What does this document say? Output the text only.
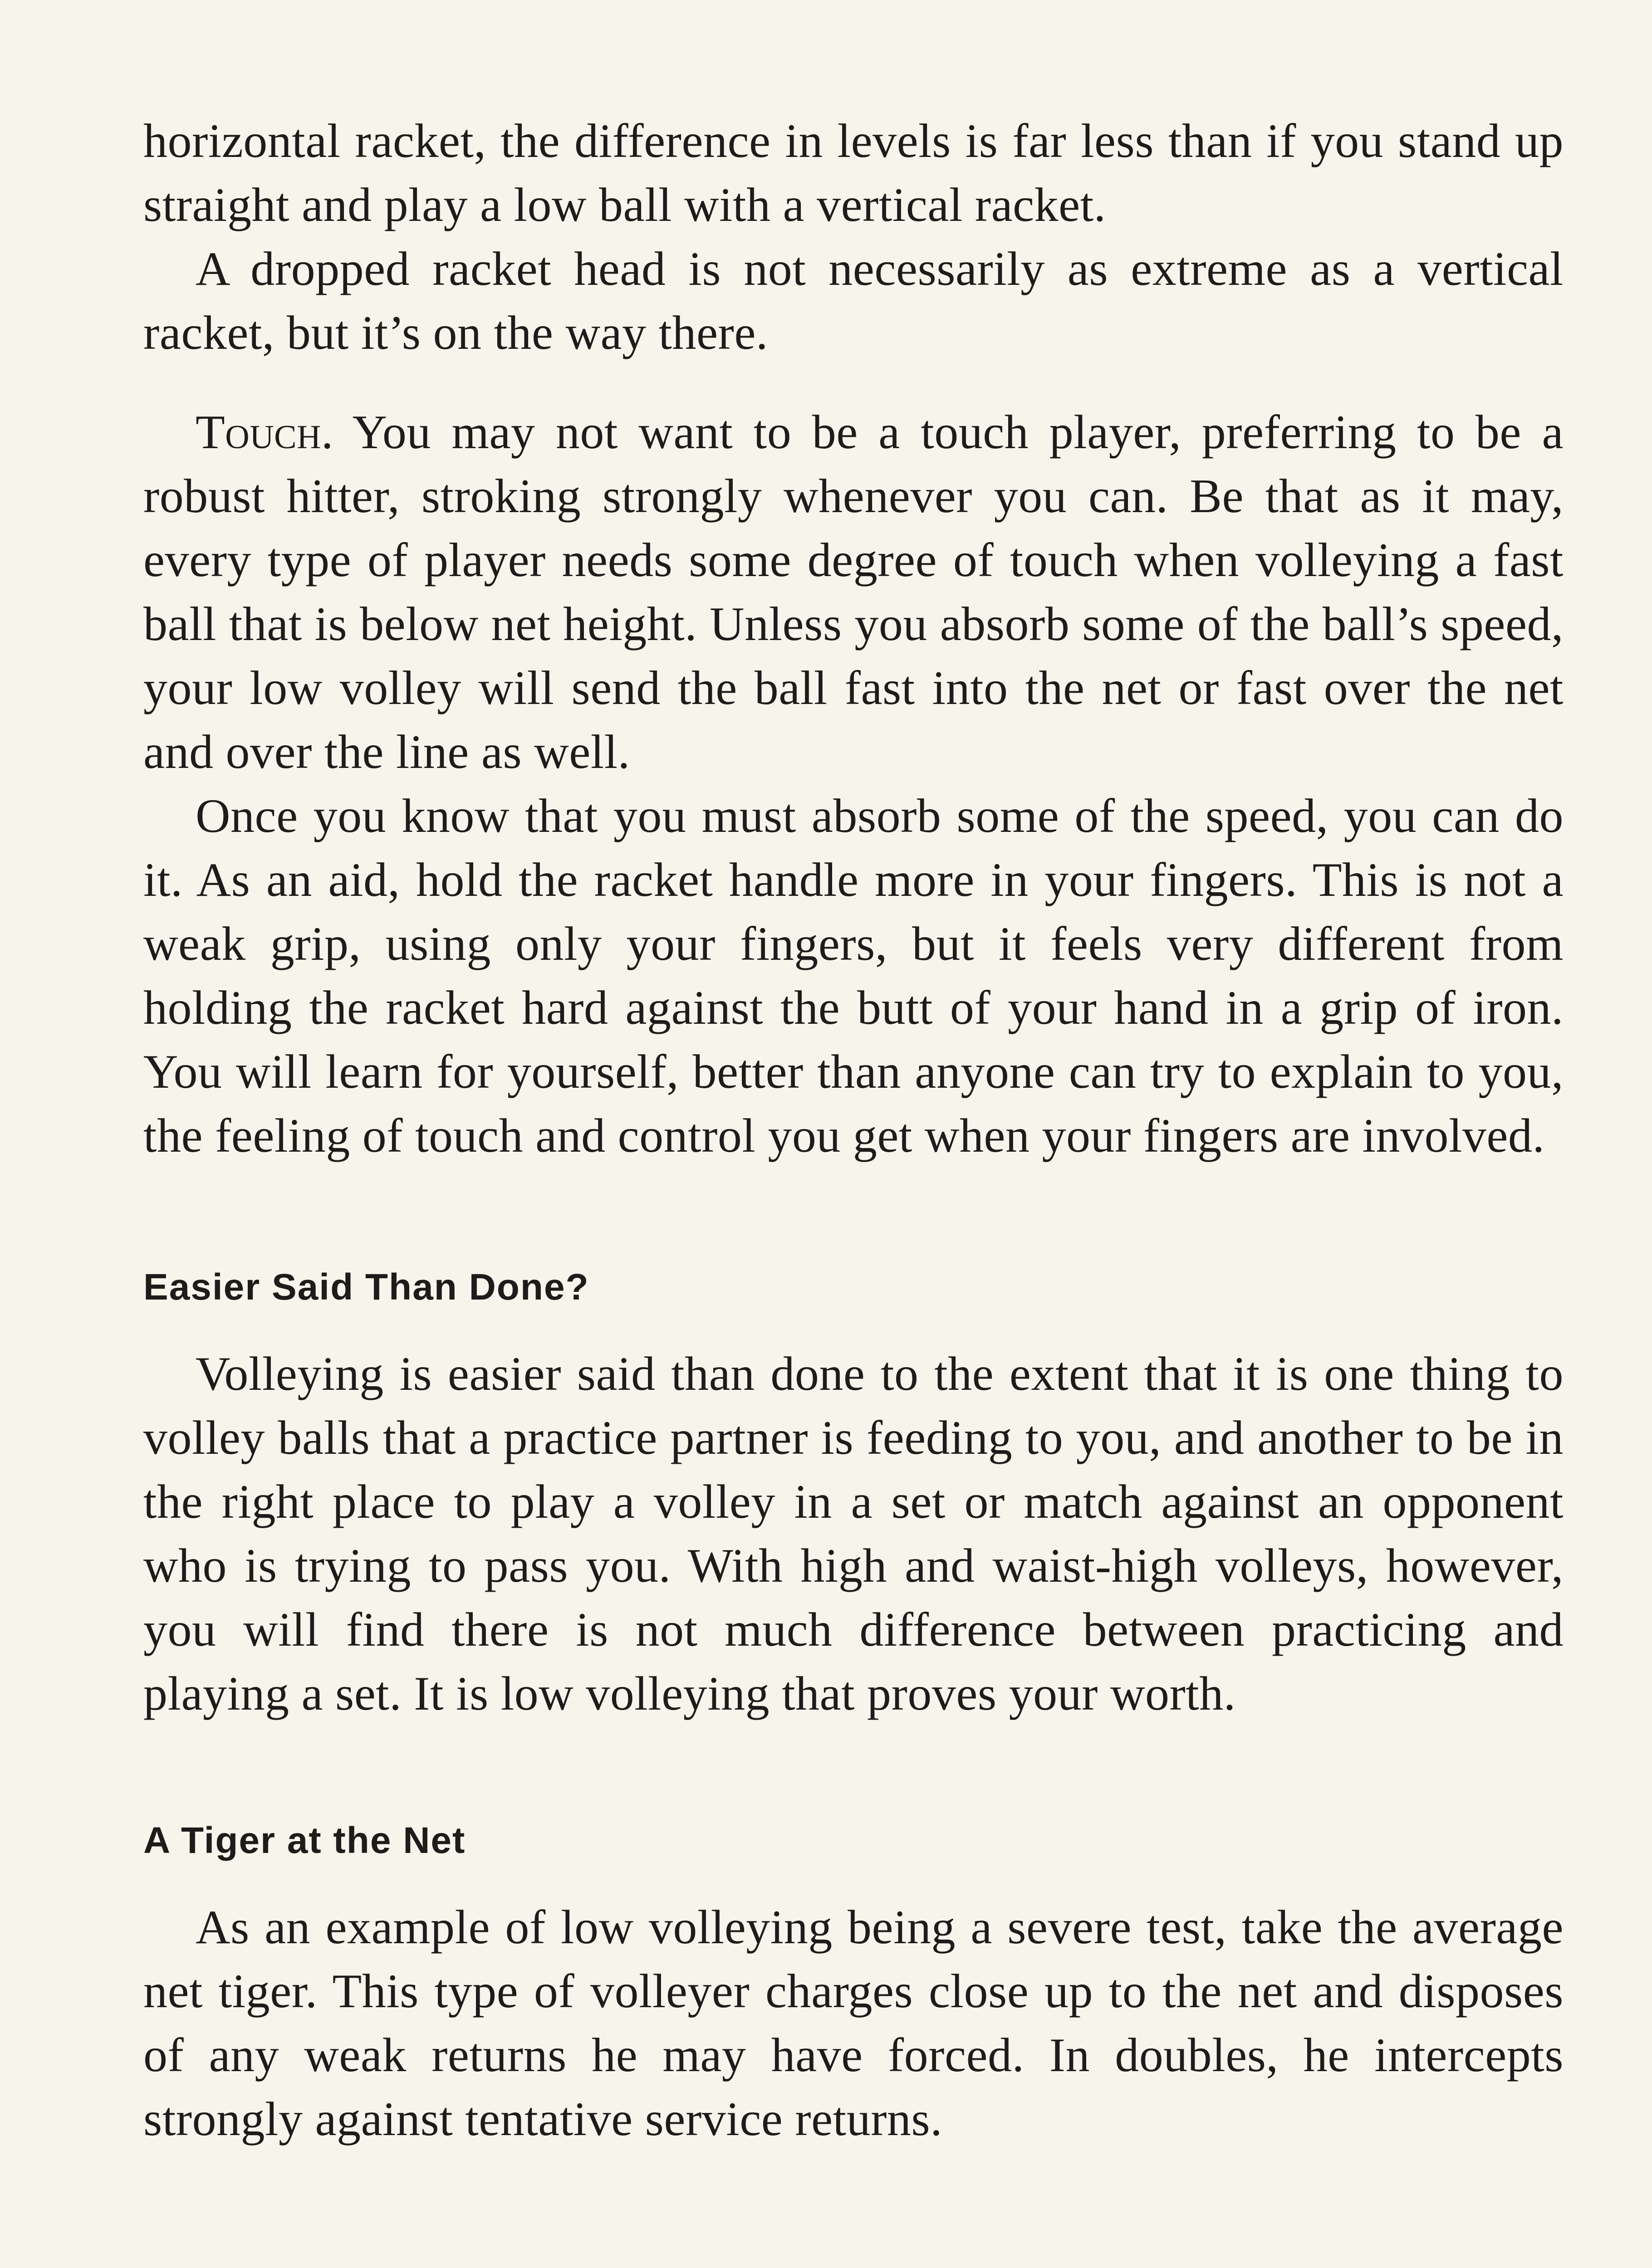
horizontal racket, the difference in levels is far less than if you stand up straight and play a low ball with a vertical racket.

A dropped racket head is not necessarily as extreme as a vertical racket, but it’s on the way there.

Touch. You may not want to be a touch player, preferring to be a robust hitter, stroking strongly whenever you can. Be that as it may, every type of player needs some degree of touch when volleying a fast ball that is below net height. Unless you absorb some of the ball’s speed, your low volley will send the ball fast into the net or fast over the net and over the line as well.

Once you know that you must absorb some of the speed, you can do it. As an aid, hold the racket handle more in your fingers. This is not a weak grip, using only your fingers, but it feels very different from holding the racket hard against the butt of your hand in a grip of iron. You will learn for yourself, better than anyone can try to explain to you, the feeling of touch and control you get when your fingers are involved.

Easier Said Than Done?

Volleying is easier said than done to the extent that it is one thing to volley balls that a practice partner is feeding to you, and another to be in the right place to play a volley in a set or match against an opponent who is trying to pass you. With high and waist-high volleys, however, you will find there is not much difference between practicing and playing a set. It is low volleying that proves your worth.

A Tiger at the Net

As an example of low volleying being a severe test, take the average net tiger. This type of volleyer charges close up to the net and disposes of any weak returns he may have forced. In doubles, he intercepts strongly against tentative service returns.
